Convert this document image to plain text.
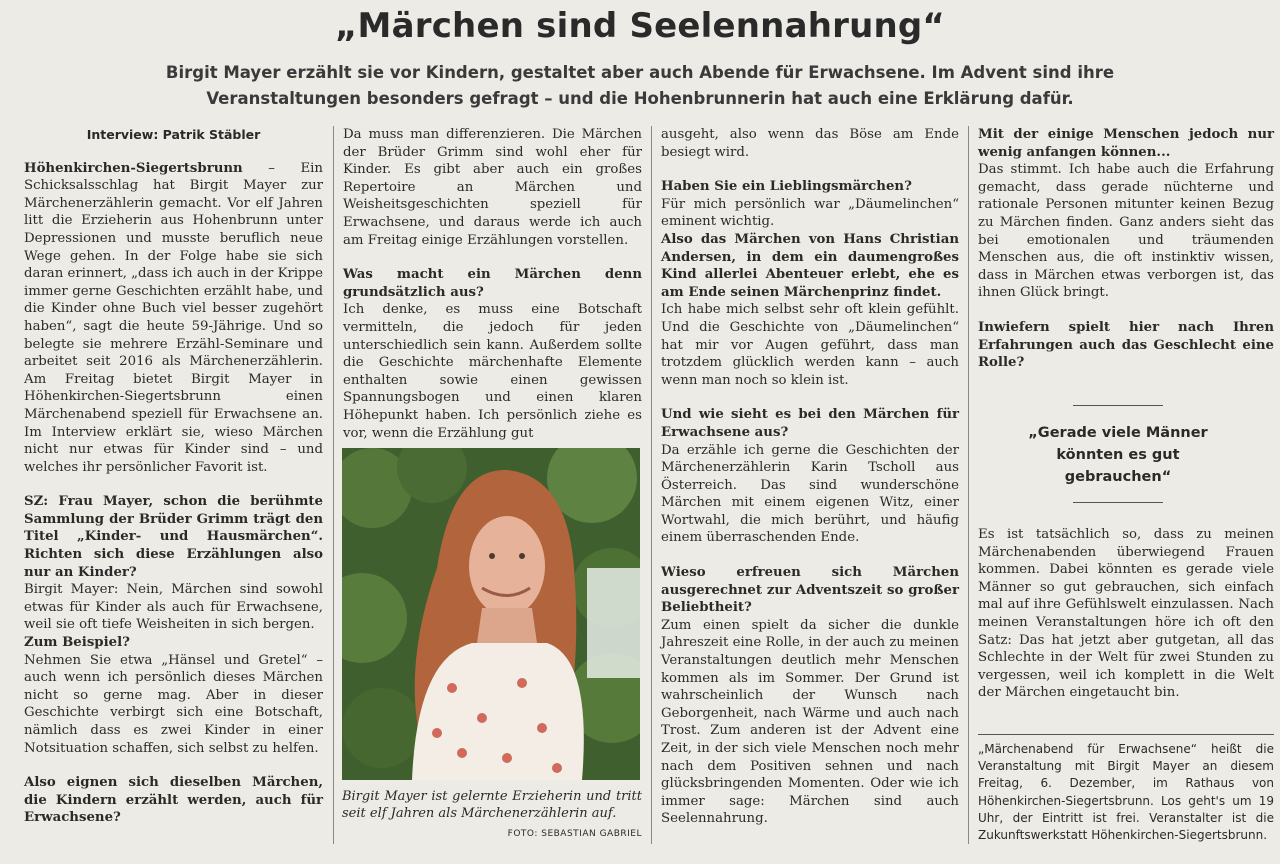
„Märchen sind Seelennahrung“
Birgit Mayer erzählt sie vor Kindern, gestaltet aber auch Abende für Erwachsene. Im Advent sind ihre Veranstaltungen besonders gefragt – und die Hohenbrunnerin hat auch eine Erklärung dafür.
Interview: Patrik Stäbler

Höhenkirchen-Siegertsbrunn – Ein Schicksalsschlag hat Birgit Mayer zur Märchenerzählerin gemacht. Vor elf Jahren litt die Erzieherin aus Hohenbrunn unter Depressionen und musste beruflich neue Wege gehen. In der Folge habe sie sich daran erinnert, „dass ich auch in der Krippe immer gerne Geschichten erzählt habe, und die Kinder ohne Buch viel besser zugehört haben“, sagt die heute 59-Jährige. Und so belegte sie mehrere Erzähl-Seminare und arbeitet seit 2016 als Märchenerzählerin. Am Freitag bietet Birgit Mayer in Höhenkirchen-Siegertsbrunn einen Märchenabend speziell für Erwachsene an. Im Interview erklärt sie, wieso Märchen nicht nur etwas für Kinder sind – und welches ihr persönlicher Favorit ist.

SZ: Frau Mayer, schon die berühmte Sammlung der Brüder Grimm trägt den Titel „Kinder- und Hausmärchen“. Richten sich diese Erzählungen also nur an Kinder?

Birgit Mayer: Nein, Märchen sind sowohl etwas für Kinder als auch für Erwachsene, weil sie oft tiefe Weisheiten in sich bergen.

Zum Beispiel?

Nehmen Sie etwa „Hänsel und Gretel“ – auch wenn ich persönlich dieses Märchen nicht so gerne mag. Aber in dieser Geschichte verbirgt sich eine Botschaft, nämlich dass es zwei Kinder in einer Notsituation schaffen, sich selbst zu helfen.

Also eignen sich dieselben Märchen, die Kindern erzählt werden, auch für Erwachsene?

Da muss man differenzieren. Die Märchen der Brüder Grimm sind wohl eher für Kinder. Es gibt aber auch ein großes Repertoire an Märchen und Weisheitsgeschichten speziell für Erwachsene, und daraus werde ich auch am Freitag einige Erzählungen vorstellen.

Was macht ein Märchen denn grundsätzlich aus?

Ich denke, es muss eine Botschaft vermitteln, die jedoch für jeden unterschiedlich sein kann. Außerdem sollte die Geschichte märchenhafte Elemente enthalten sowie einen gewissen Spannungsbogen und einen klaren Höhepunkt haben. Ich persönlich ziehe es vor, wenn die Erzählung gut

Birgit Mayer ist gelernte Erzieherin und tritt seit elf Jahren als Märchenerzählerin auf.
FOTO: SEBASTIAN GABRIEL

ausgeht, also wenn das Böse am Ende besiegt wird.

Haben Sie ein Lieblingsmärchen?

Für mich persönlich war „Däumelinchen“ eminent wichtig.

Also das Märchen von Hans Christian Andersen, in dem ein daumengroßes Kind allerlei Abenteuer erlebt, ehe es am Ende seinen Märchenprinz findet.

Ich habe mich selbst sehr oft klein gefühlt. Und die Geschichte von „Däumelinchen“ hat mir vor Augen geführt, dass man trotzdem glücklich werden kann – auch wenn man noch so klein ist.

Und wie sieht es bei den Märchen für Erwachsene aus?

Da erzähle ich gerne die Geschichten der Märchenerzählerin Karin Tscholl aus Österreich. Das sind wunderschöne Märchen mit einem eigenen Witz, einer Wortwahl, die mich berührt, und häufig einem überraschenden Ende.

Wieso erfreuen sich Märchen ausgerechnet zur Adventszeit so großer Beliebtheit?

Zum einen spielt da sicher die dunkle Jahreszeit eine Rolle, in der auch zu meinen Veranstaltungen deutlich mehr Menschen kommen als im Sommer. Der Grund ist wahrscheinlich der Wunsch nach Geborgenheit, nach Wärme und auch nach Trost. Zum anderen ist der Advent eine Zeit, in der sich viele Menschen noch mehr nach dem Positiven sehnen und nach glücksbringenden Momenten. Oder wie ich immer sage: Märchen sind auch Seelennahrung.

Mit der einige Menschen jedoch nur wenig anfangen können...

Das stimmt. Ich habe auch die Erfahrung gemacht, dass gerade nüchterne und rationale Personen mitunter keinen Bezug zu Märchen finden. Ganz anders sieht das bei emotionalen und träumenden Menschen aus, die oft instinktiv wissen, dass in Märchen etwas verborgen ist, das ihnen Glück bringt.

Inwiefern spielt hier nach Ihren Erfahrungen auch das Geschlecht eine Rolle?

„Gerade viele Männer könnten es gut gebrauchen“

Es ist tatsächlich so, dass zu meinen Märchenabenden überwiegend Frauen kommen. Dabei könnten es gerade viele Männer so gut gebrauchen, sich einfach mal auf ihre Gefühlswelt einzulassen. Nach meinen Veranstaltungen höre ich oft den Satz: Das hat jetzt aber gutgetan, all das Schlechte in der Welt für zwei Stunden zu vergessen, weil ich komplett in die Welt der Märchen eingetaucht bin.

„Märchenabend für Erwachsene“ heißt die Veranstaltung mit Birgit Mayer an diesem Freitag, 6. Dezember, im Rathaus von Höhenkirchen-Siegertsbrunn. Los geht's um 19 Uhr, der Eintritt ist frei. Veranstalter ist die Zukunftswerkstatt Höhenkirchen-Siegertsbrunn.
